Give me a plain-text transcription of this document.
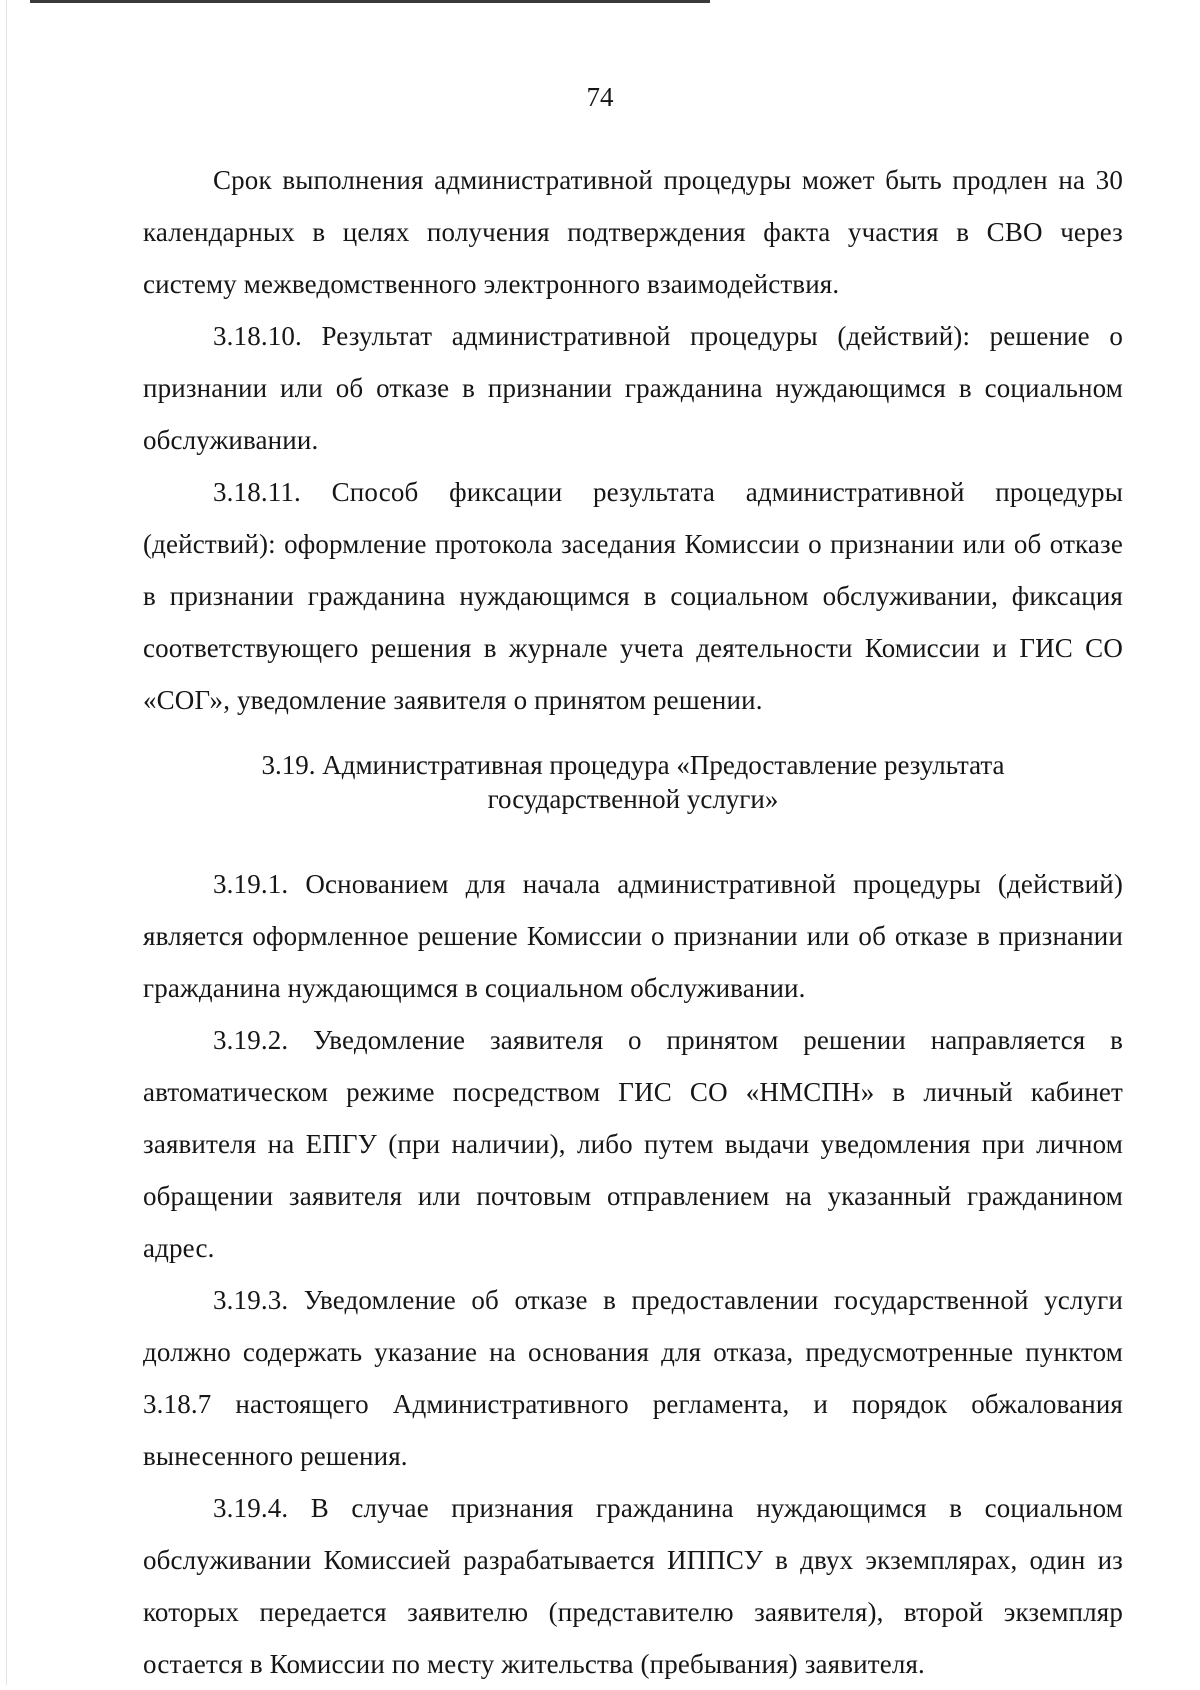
74

Срок выполнения административной процедуры может быть продлен на 30 календарных в целях получения подтверждения факта участия в СВО через систему межведомственного электронного взаимодействия.

3.18.10. Результат административной процедуры (действий): решение о признании или об отказе в признании гражданина нуждающимся в социальном обслуживании.

3.18.11. Способ фиксации результата административной процедуры (действий): оформление протокола заседания Комиссии о признании или об отказе в признании гражданина нуждающимся в социальном обслуживании, фиксация соответствующего решения в журнале учета деятельности Комиссии и ГИС СО «СОГ», уведомление заявителя о принятом решении.

3.19. Административная процедура «Предоставление результата
государственной услуги»

3.19.1. Основанием для начала административной процедуры (действий) является оформленное решение Комиссии о признании или об отказе в признании гражданина нуждающимся в социальном обслуживании.

3.19.2. Уведомление заявителя о принятом решении направляется в автоматическом режиме посредством ГИС СО «НМСПН» в личный кабинет заявителя на ЕПГУ (при наличии), либо путем выдачи уведомления при личном обращении заявителя или почтовым отправлением на указанный гражданином адрес.

3.19.3. Уведомление об отказе в предоставлении государственной услуги должно содержать указание на основания для отказа, предусмотренные пунктом 3.18.7 настоящего Административного регламента, и порядок обжалования вынесенного решения.

3.19.4. В случае признания гражданина нуждающимся в социальном обслуживании Комиссией разрабатывается ИППСУ в двух экземплярах, один из которых передается заявителю (представителю заявителя), второй экземпляр остается в Комиссии по месту жительства (пребывания) заявителя.
